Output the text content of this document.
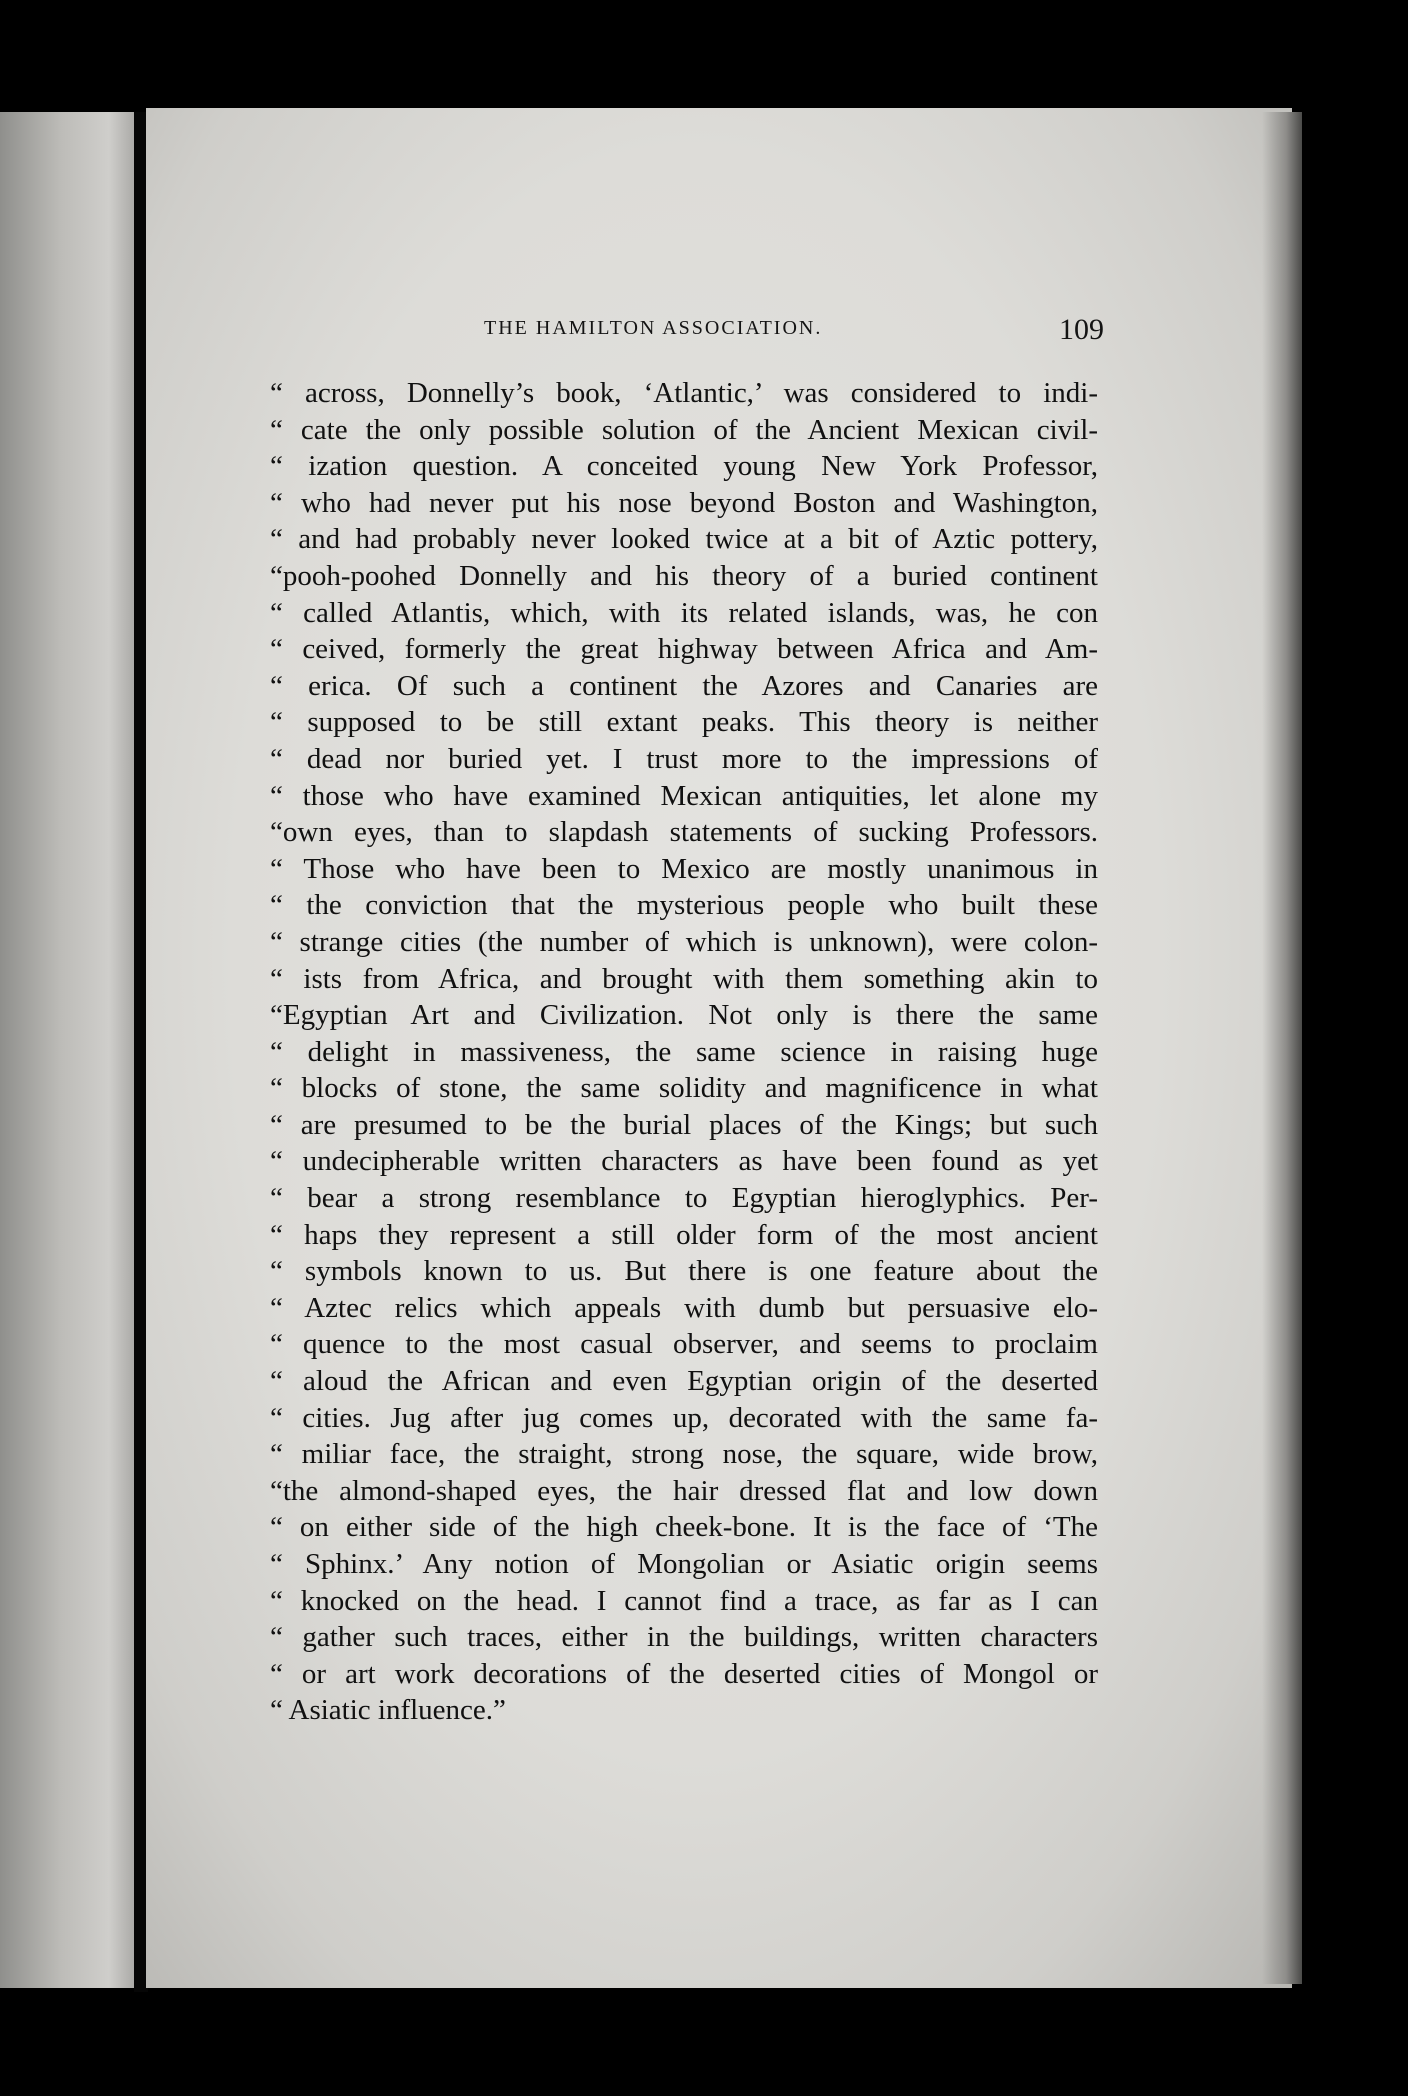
THE HAMILTON ASSOCIATION.	109
“ across, Donnelly’s book, ‘Atlantic,’ was considered to indi-
“ cate the only possible solution of the Ancient Mexican civil-
“ ization question. A conceited young New York Professor,
“ who had never put his nose beyond Boston and Washington,
“ and had probably never looked twice at a bit of Aztic pottery,
“pooh-poohed Donnelly and his theory of a buried continent
“ called Atlantis, which, with its related islands, was, he con
“ ceived, formerly the great highway between Africa and Am-
“ erica. Of such a continent the Azores and Canaries are
“ supposed to be still extant peaks. This theory is neither
“ dead nor buried yet. I trust more to the impressions of
“ those who have examined Mexican antiquities, let alone my
“own eyes, than to slapdash statements of sucking Professors.
“ Those who have been to Mexico are mostly unanimous in
“ the conviction that the mysterious people who built these
“ strange cities (the number of which is unknown), were colon-
“ ists from Africa, and brought with them something akin to
“Egyptian Art and Civilization. Not only is there the same
“ delight in massiveness, the same science in raising huge
“ blocks of stone, the same solidity and magnificence in what
“ are presumed to be the burial places of the Kings; but such
“ undecipherable written characters as have been found as yet
“ bear a strong resemblance to Egyptian hieroglyphics. Per-
“ haps they represent a still older form of the most ancient
“ symbols known to us. But there is one feature about the
“ Aztec relics which appeals with dumb but persuasive elo-
“ quence to the most casual observer, and seems to proclaim
“ aloud the African and even Egyptian origin of the deserted
“ cities. Jug after jug comes up, decorated with the same fa-
“ miliar face, the straight, strong nose, the square, wide brow,
“the almond-shaped eyes, the hair dressed flat and low down
“ on either side of the high cheek-bone. It is the face of ‘The
“ Sphinx.’ Any notion of Mongolian or Asiatic origin seems
“ knocked on the head. I cannot find a trace, as far as I can
“ gather such traces, either in the buildings, written characters
“ or art work decorations of the deserted cities of Mongol or
“ Asiatic influence.”
